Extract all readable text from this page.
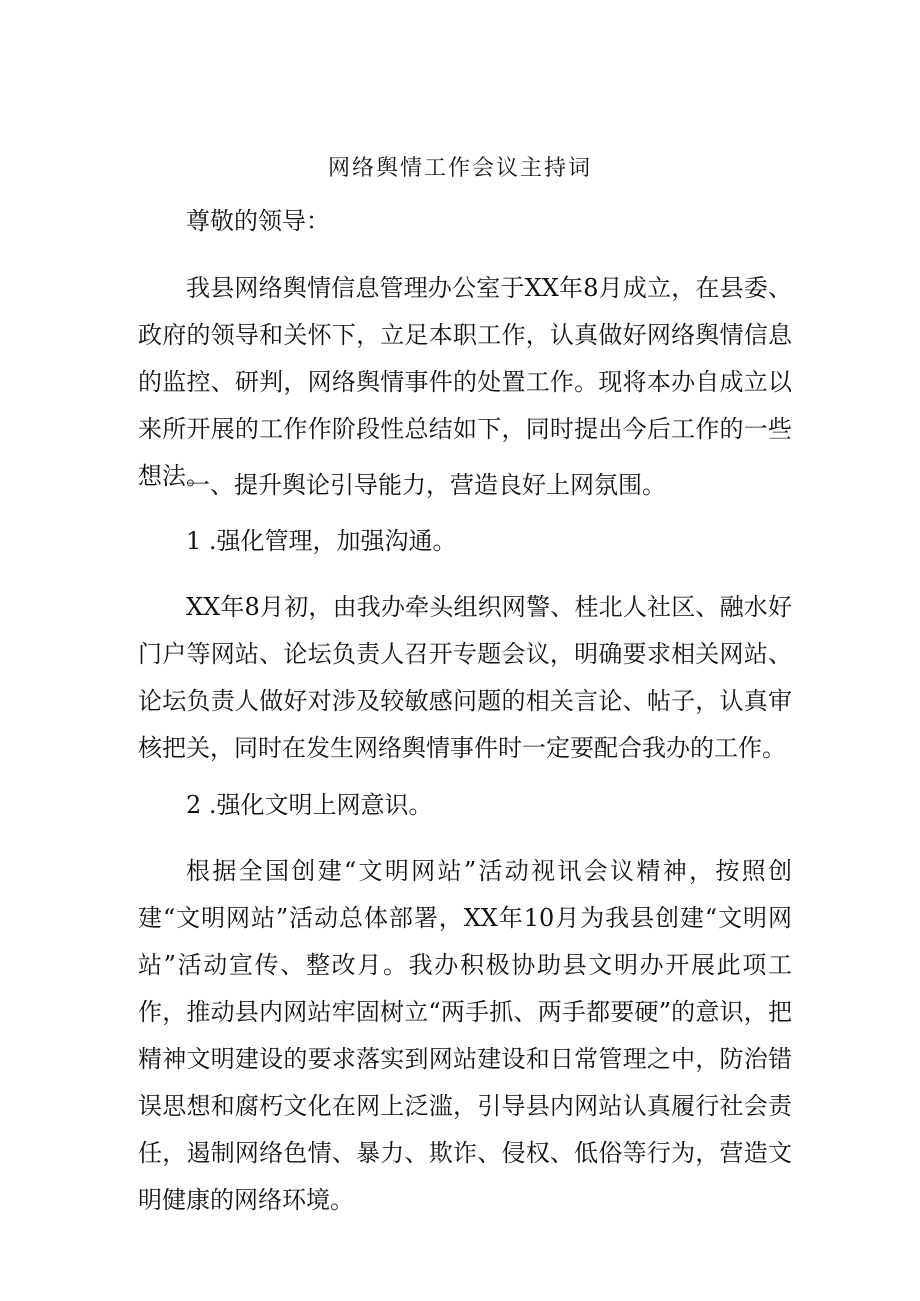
网络舆情工作会议主持词

尊敬的领导：

我县网络舆情信息管理办公室于XX年8月成立，在县委、政府的领导和关怀下，立足本职工作，认真做好网络舆情信息的监控、研判，网络舆情事件的处置工作。现将本办自成立以来所开展的工作作阶段性总结如下，同时提出今后工作的一些想法。

一、提升舆论引导能力，营造良好上网氛围。

1 .强化管理，加强沟通。

XX年8月初，由我办牵头组织网警、桂北人社区、融水好门户等网站、论坛负责人召开专题会议，明确要求相关网站、论坛负责人做好对涉及较敏感问题的相关言论、帖子，认真审核把关，同时在发生网络舆情事件时一定要配合我办的工作。

2 .强化文明上网意识。

根据全国创建“文明网站”活动视讯会议精神，按照创建“文明网站”活动总体部署，XX年10月为我县创建“文明网站”活动宣传、整改月。我办积极协助县文明办开展此项工作，推动县内网站牢固树立“两手抓、两手都要硬”的意识，把精神文明建设的要求落实到网站建设和日常管理之中，防治错误思想和腐朽文化在网上泛滥，引导县内网站认真履行社会责任，遏制网络色情、暴力、欺诈、侵权、低俗等行为，营造文明健康的网络环境。
